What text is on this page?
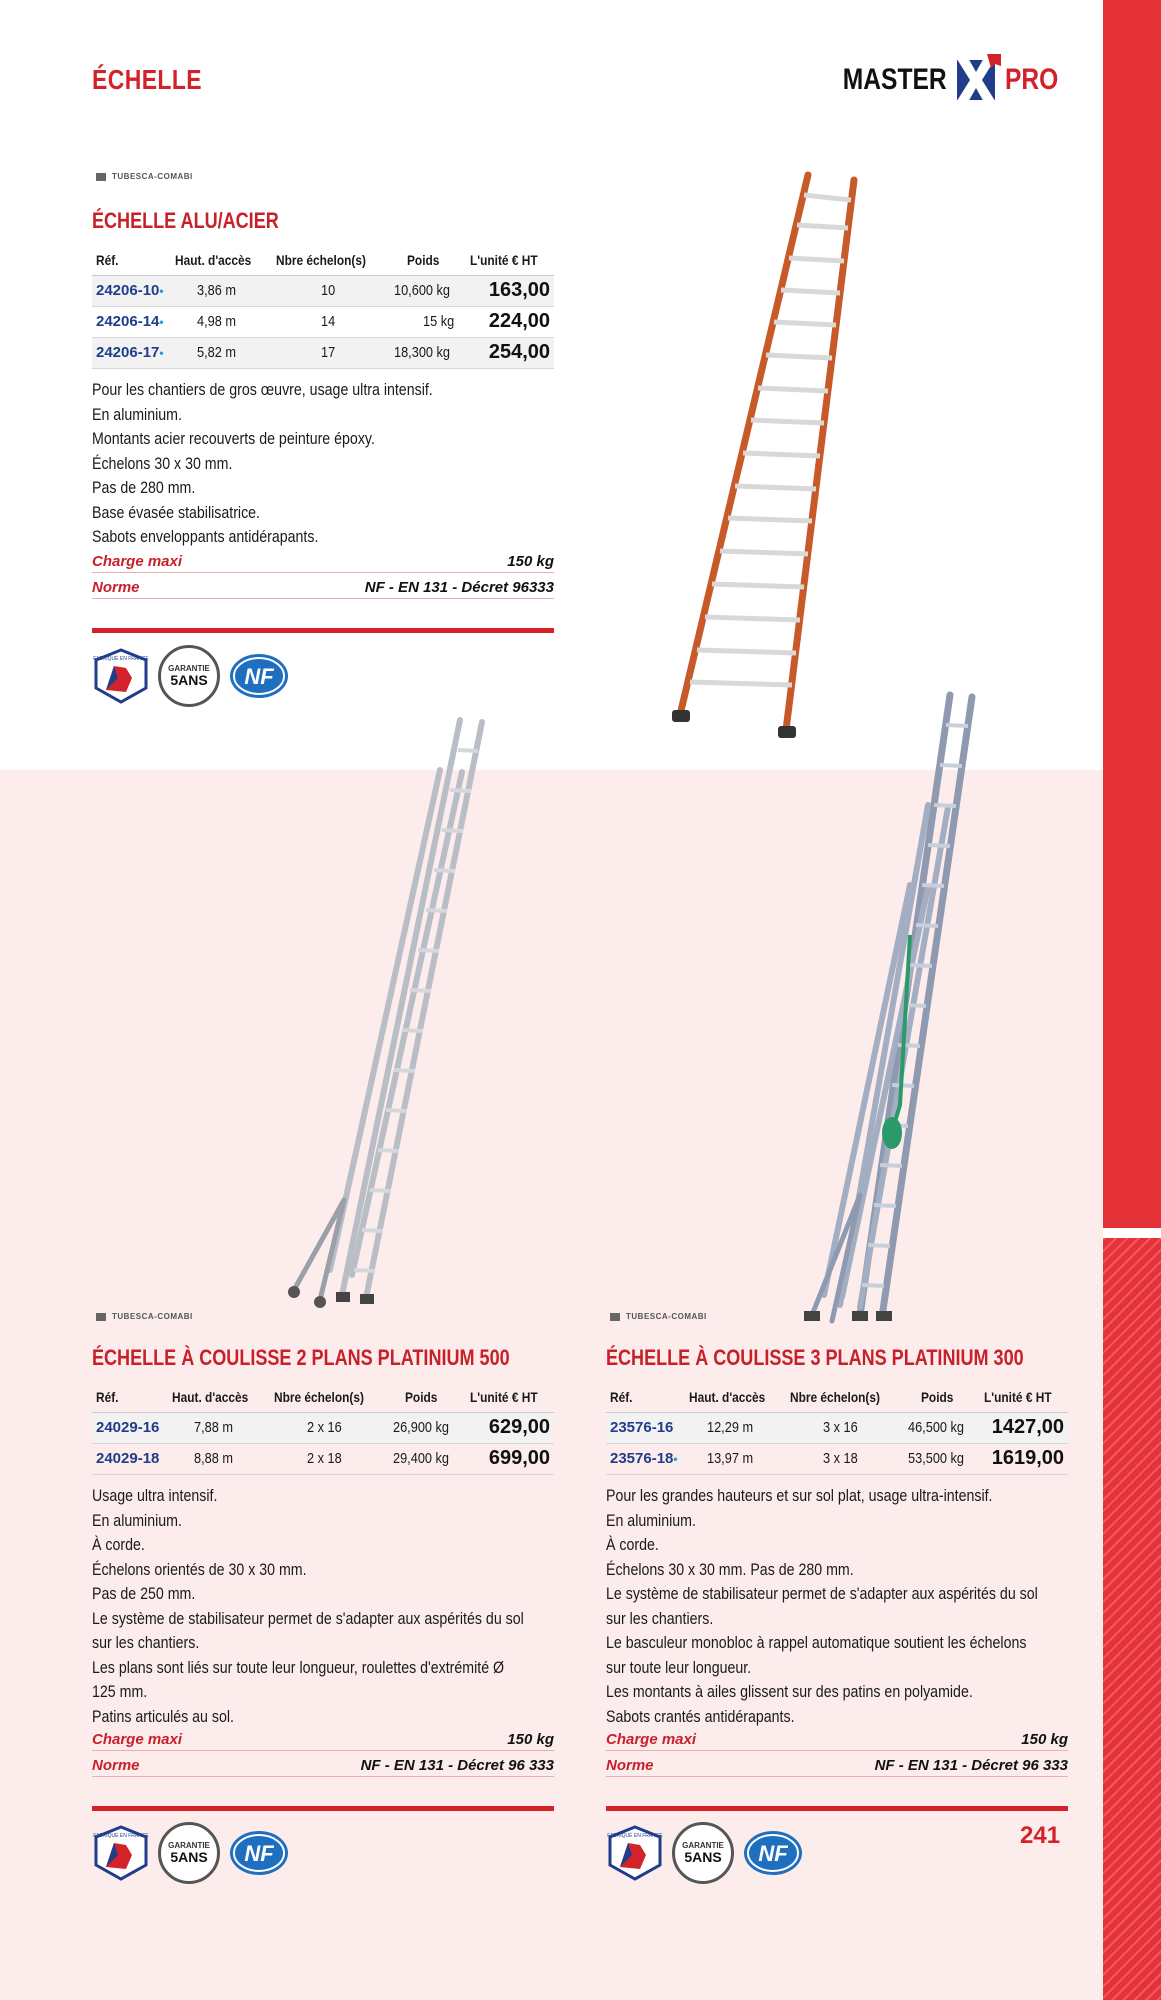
ÉCHELLE	MASTER PRO
TUBESCA-COMABI
ÉCHELLE ALU/ACIER
Réf.	Haut. d'accès	Nbre échelon(s)	Poids	L'unité € HT
24206-10•	3,86 m	10	10,600 kg	163,00
24206-14•	4,98 m	14	15 kg	224,00
24206-17•	5,82 m	17	18,300 kg	254,00
Pour les chantiers de gros œuvre, usage ultra intensif.
En aluminium.
Montants acier recouverts de peinture époxy.
Échelons 30 x 30 mm.
Pas de 280 mm.
Base évasée stabilisatrice.
Sabots enveloppants antidérapants.
Charge maxi	150 kg
Norme	NF - EN 131 - Décret 96333
FABRIQUÉ EN FRANCE
GARANTIE
5ANS NF
TUBESCA-COMABI
ÉCHELLE À COULISSE 2 PLANS PLATINIUM 500
Réf.	Haut. d'accès	Nbre échelon(s)	Poids	L'unité € HT
24029-16	7,88 m	2 x 16	26,900 kg	629,00
24029-18	8,88 m	2 x 18	29,400 kg	699,00
Usage ultra intensif.
En aluminium.
À corde.
Échelons orientés de 30 x 30 mm.
Pas de 250 mm.
Le système de stabilisateur permet de s'adapter aux aspérités du sol
sur les chantiers.
Les plans sont liés sur toute leur longueur, roulettes d'extrémité Ø
125 mm.
Patins articulés au sol.
Charge maxi	150 kg
Norme	NF - EN 131 - Décret 96 333
FABRIQUÉ EN FRANCE
GARANTIE
5ANS NF
TUBESCA-COMABI
ÉCHELLE À COULISSE 3 PLANS PLATINIUM 300
Réf.	Haut. d'accès	Nbre échelon(s)	Poids	L'unité € HT
23576-16	12,29 m	3 x 16	46,500 kg	1427,00
23576-18•	13,97 m	3 x 18	53,500 kg	1619,00
Pour les grandes hauteurs et sur sol plat, usage ultra-intensif.
En aluminium.
À corde.
Échelons 30 x 30 mm. Pas de 280 mm.
Le système de stabilisateur permet de s'adapter aux aspérités du sol
sur les chantiers.
Le basculeur monobloc à rappel automatique soutient les échelons
sur toute leur longueur.
Les montants à ailes glissent sur des patins en polyamide.
Sabots crantés antidérapants.
Charge maxi	150 kg
Norme	NF - EN 131 - Décret 96 333
FABRIQUÉ EN FRANCE
GARANTIE
5ANS NF
241
